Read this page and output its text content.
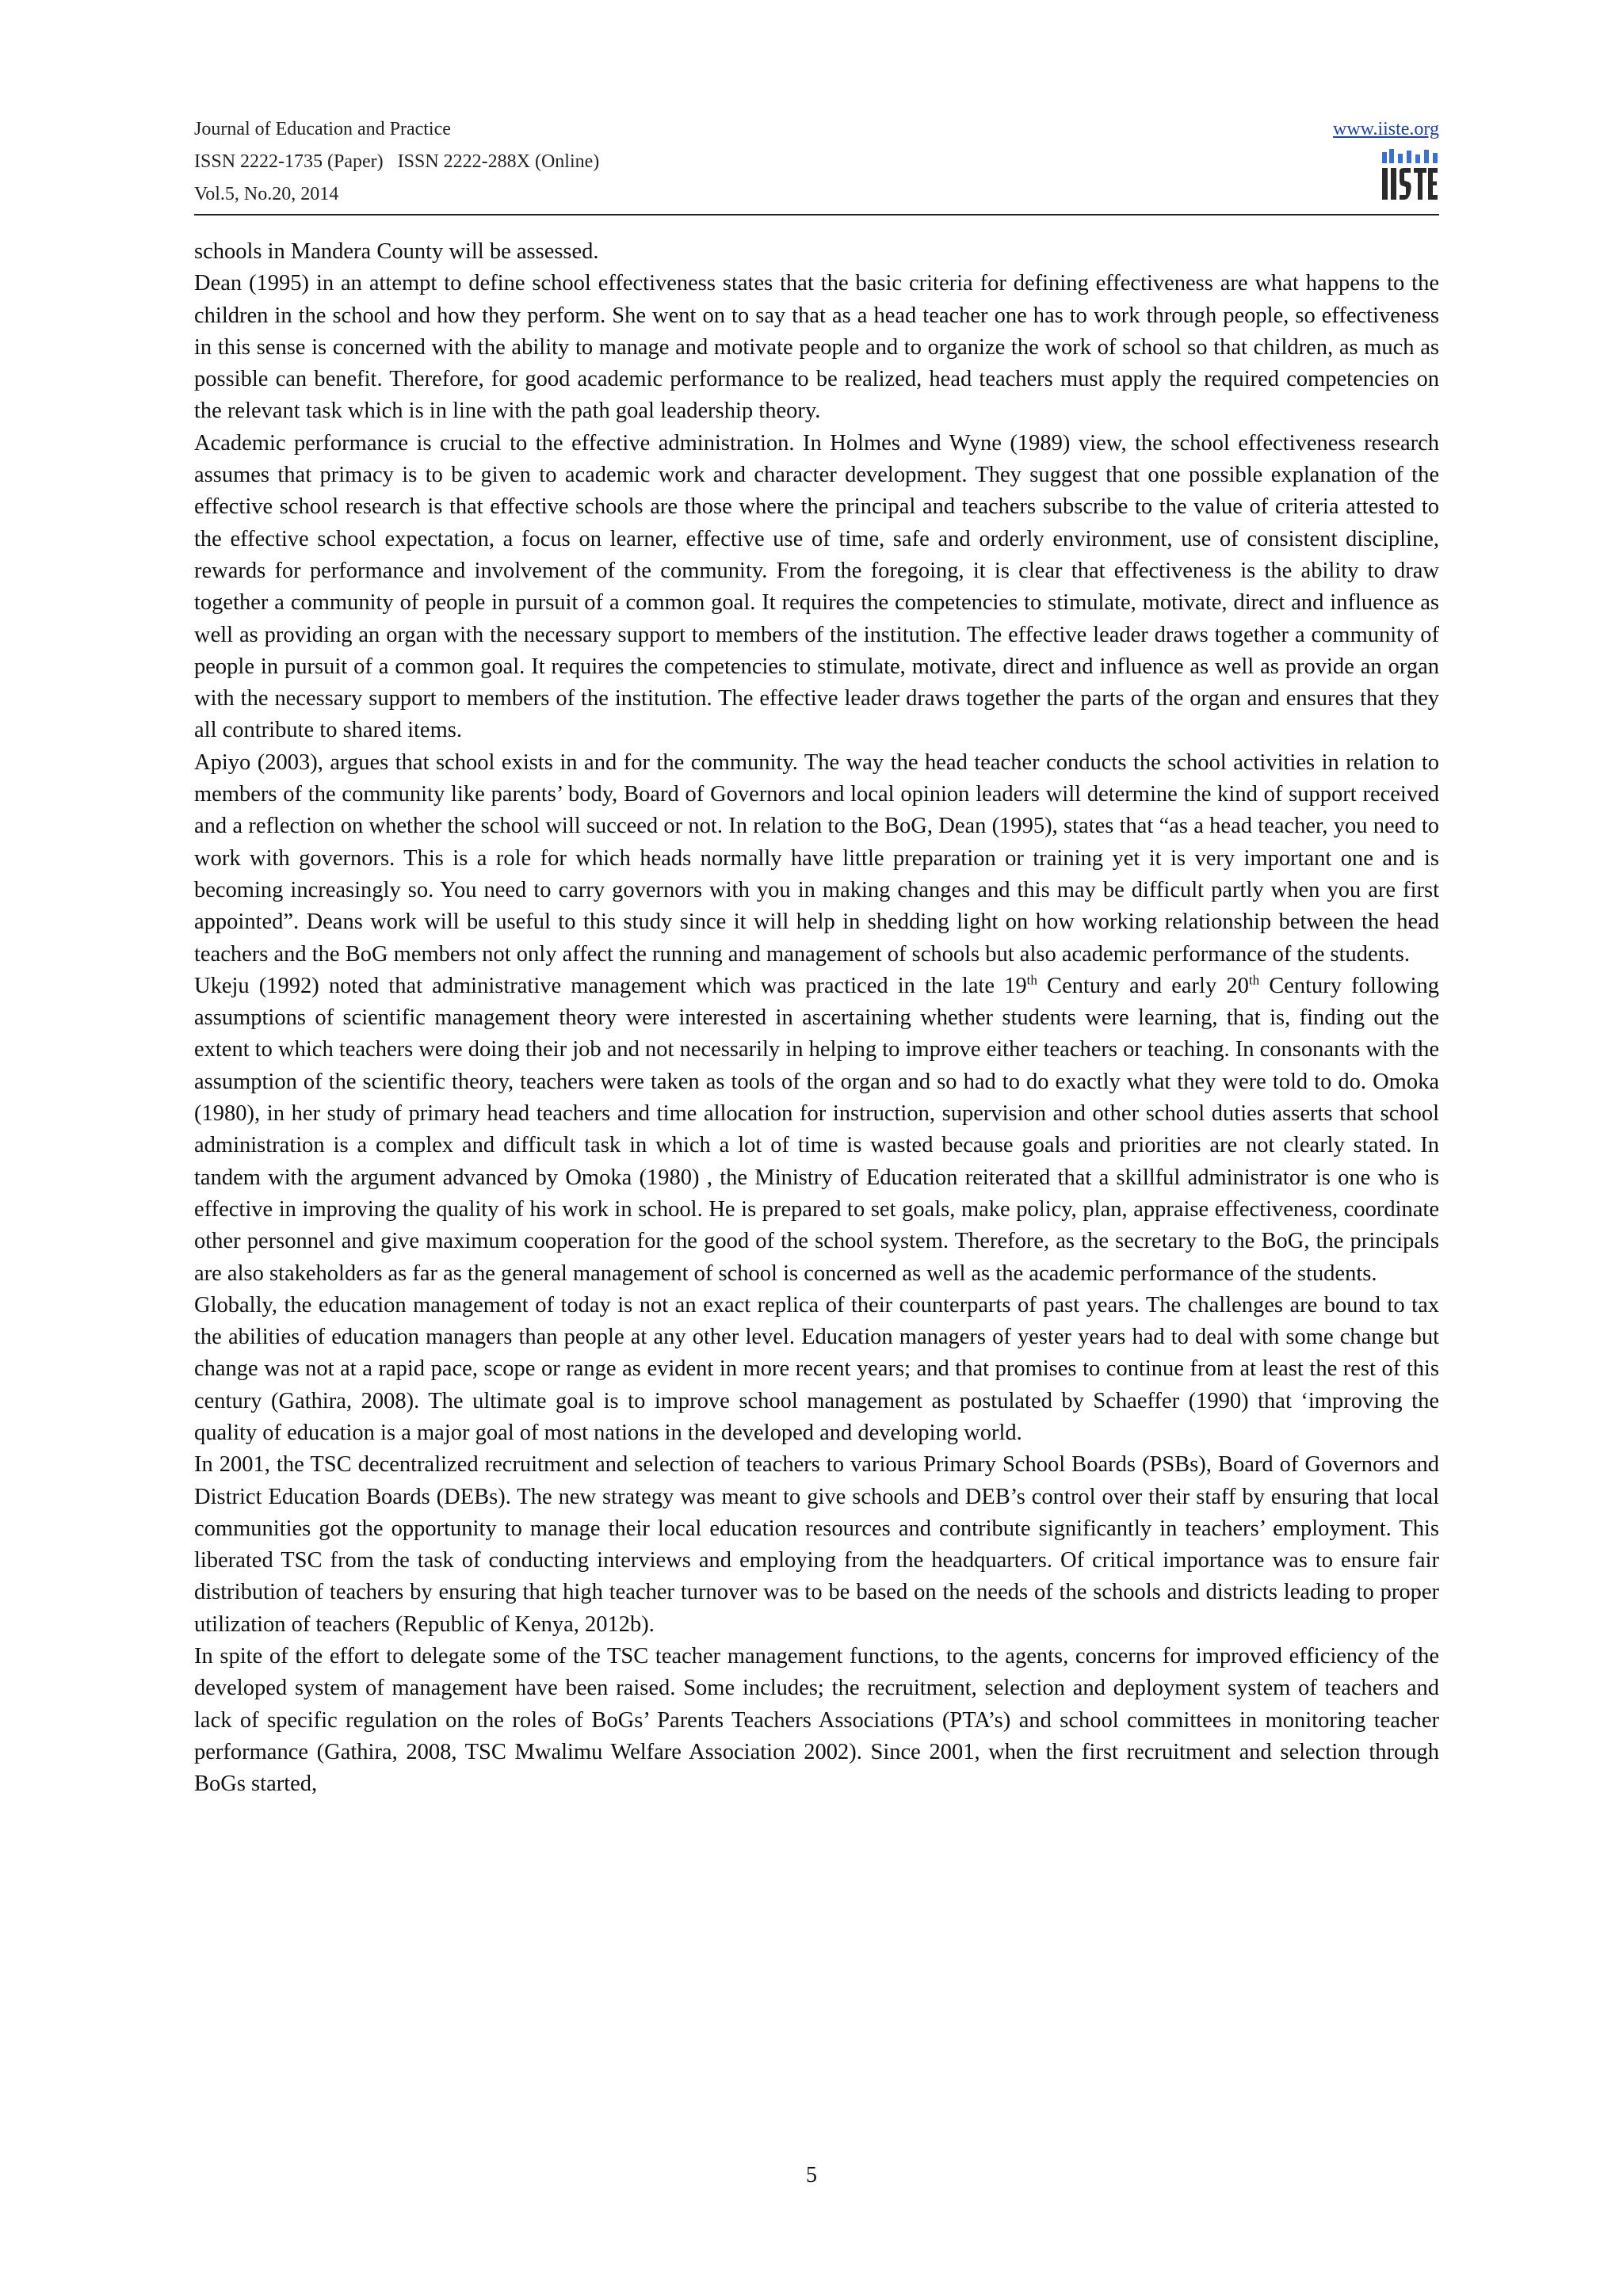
Journal of Education and Practice
ISSN 2222-1735 (Paper)   ISSN 2222-288X (Online)
Vol.5, No.20, 2014
www.iiste.org

schools in Mandera County will be assessed.

Dean (1995) in an attempt to define school effectiveness states that the basic criteria for defining effectiveness are what happens to the children in the school and how they perform. She went on to say that as a head teacher one has to work through people, so effectiveness in this sense is concerned with the ability to manage and motivate people and to organize the work of school so that children, as much as possible can benefit. Therefore, for good academic performance to be realized, head teachers must apply the required competencies on the relevant task which is in line with the path goal leadership theory.

Academic performance is crucial to the effective administration. In Holmes and Wyne (1989) view, the school effectiveness research assumes that primacy is to be given to academic work and character development. They suggest that one possible explanation of the effective school research is that effective schools are those where the principal and teachers subscribe to the value of criteria attested to the effective school expectation, a focus on learner, effective use of time, safe and orderly environment, use of consistent discipline, rewards for performance and involvement of the community. From the foregoing, it is clear that effectiveness is the ability to draw together a community of people in pursuit of a common goal. It requires the competencies to stimulate, motivate, direct and influence as well as providing an organ with the necessary support to members of the institution. The effective leader draws together a community of people in pursuit of a common goal. It requires the competencies to stimulate, motivate, direct and influence as well as provide an organ with the necessary support to members of the institution. The effective leader draws together the parts of the organ and ensures that they all contribute to shared items.

Apiyo (2003), argues that school exists in and for the community. The way the head teacher conducts the school activities in relation to members of the community like parents’ body, Board of Governors and local opinion leaders will determine the kind of support received and a reflection on whether the school will succeed or not. In relation to the BoG, Dean (1995), states that “as a head teacher, you need to work with governors. This is a role for which heads normally have little preparation or training yet it is very important one and is becoming increasingly so. You need to carry governors with you in making changes and this may be difficult partly when you are first appointed”. Deans work will be useful to this study since it will help in shedding light on how working relationship between the head teachers and the BoG members not only affect the running and management of schools but also academic performance of the students.

Ukeju (1992) noted that administrative management which was practiced in the late 19th Century and early 20th Century following assumptions of scientific management theory were interested in ascertaining whether students were learning, that is, finding out the extent to which teachers were doing their job and not necessarily in helping to improve either teachers or teaching. In consonants with the assumption of the scientific theory, teachers were taken as tools of the organ and so had to do exactly what they were told to do. Omoka (1980), in her study of primary head teachers and time allocation for instruction, supervision and other school duties asserts that school administration is a complex and difficult task in which a lot of time is wasted because goals and priorities are not clearly stated. In tandem with the argument advanced by Omoka (1980) , the Ministry of Education reiterated that a skillful administrator is one who is effective in improving the quality of his work in school. He is prepared to set goals, make policy, plan, appraise effectiveness, coordinate other personnel and give maximum cooperation for the good of the school system. Therefore, as the secretary to the BoG, the principals are also stakeholders as far as the general management of school is concerned as well as the academic performance of the students.

Globally, the education management of today is not an exact replica of their counterparts of past years. The challenges are bound to tax the abilities of education managers than people at any other level. Education managers of yester years had to deal with some change but change was not at a rapid pace, scope or range as evident in more recent years; and that promises to continue from at least the rest of this century (Gathira, 2008). The ultimate goal is to improve school management as postulated by Schaeffer (1990) that ‘improving the quality of education is a major goal of most nations in the developed and developing world.

In 2001, the TSC decentralized recruitment and selection of teachers to various Primary School Boards (PSBs), Board of Governors and District Education Boards (DEBs). The new strategy was meant to give schools and DEB’s control over their staff by ensuring that local communities got the opportunity to manage their local education resources and contribute significantly in teachers’ employment. This liberated TSC from the task of conducting interviews and employing from the headquarters. Of critical importance was to ensure fair distribution of teachers by ensuring that high teacher turnover was to be based on the needs of the schools and districts leading to proper utilization of teachers (Republic of Kenya, 2012b).

In spite of the effort to delegate some of the TSC teacher management functions, to the agents, concerns for improved efficiency of the developed system of management have been raised. Some includes; the recruitment, selection and deployment system of teachers and lack of specific regulation on the roles of BoGs’ Parents Teachers Associations (PTA’s) and school committees in monitoring teacher performance (Gathira, 2008, TSC Mwalimu Welfare Association 2002). Since 2001, when the first recruitment and selection through BoGs started,

5
